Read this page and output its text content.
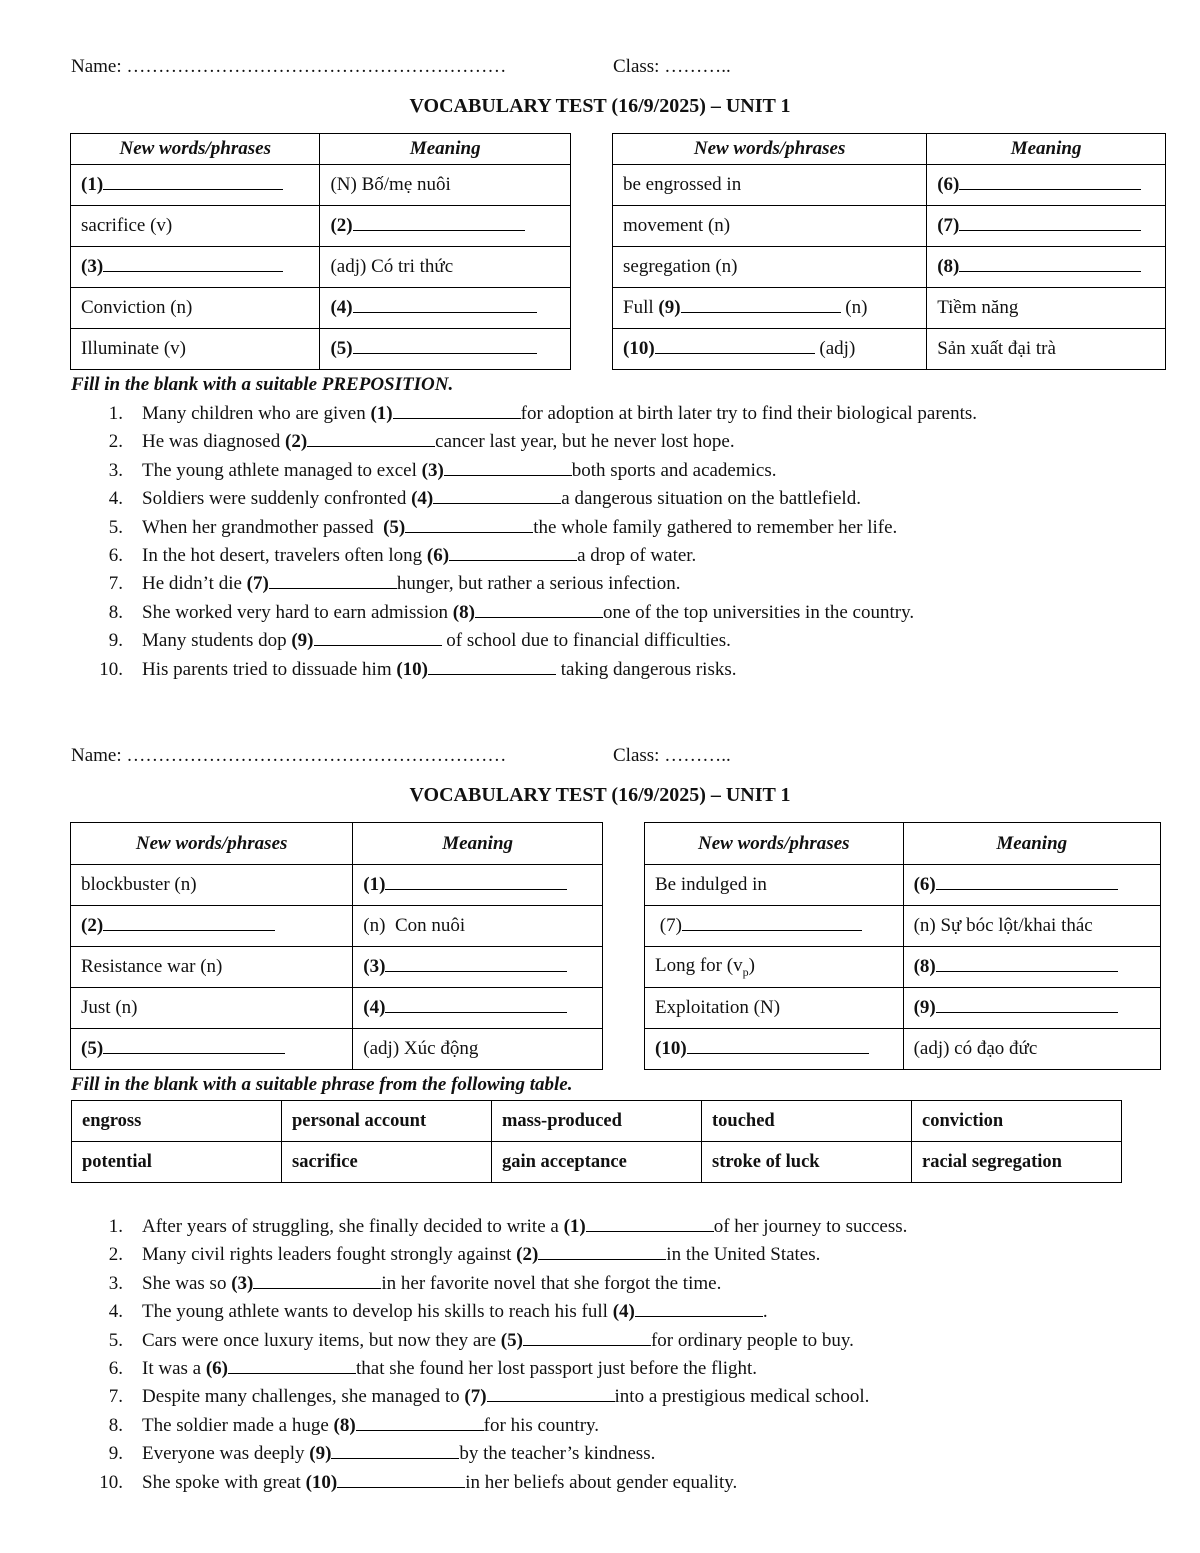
Name: ……………………………………………………	Class: ………..
VOCABULARY TEST (16/9/2025) – UNIT 1
New words/phrases	Meaning
(1)	(N) Bố/mẹ nuôi
sacrifice (v)	(2)
(3)	(adj) Có tri thức
Conviction (n)	(4)
Illuminate (v)	(5)
New words/phrases	Meaning
be engrossed in	(6)
movement (n)	(7)
segregation (n)	(8)
Full (9) (n)	Tiềm năng
(10) (adj)	Sản xuất đại trà
Fill in the blank with a suitable PREPOSITION.
1. Many children who are given (1)	for adoption at birth later try to find their biological parents.
2. He was diagnosed (2)	cancer last year, but he never lost hope.
3. The young athlete managed to excel (3)	both sports and academics.
4. Soldiers were suddenly confronted (4)	a dangerous situation on the battlefield.
5. When her grandmother passed  (5)	the whole family gathered to remember her life.
6. In the hot desert, travelers often long (6)	a drop of water.
7. He didn’t die (7)	hunger, but rather a serious infection.
8. She worked very hard to earn admission (8)	one of the top universities in the country.
9. Many students dop (9)	of school due to financial difficulties.
10. His parents tried to dissuade him (10)	taking dangerous risks.
Name: ……………………………………………………	Class: ………..
VOCABULARY TEST (16/9/2025) – UNIT 1
New words/phrases	Meaning
blockbuster (n)	(1)
(2)	(n)  Con nuôi
Resistance war (n)	(3)
Just (n)	(4)
(5)	(adj) Xúc động
New words/phrases	Meaning
Be indulged in	(6)
(7)	(n) Sự bóc lột/khai thác
Long for $(v_p)$	(8)
Exploitation (N)	(9)
(10)	(adj) có đạo đức
Fill in the blank with a suitable phrase from the following table.
engross	personal account	mass-produced	touched	conviction
potential	sacrifice	gain acceptance	stroke of luck	racial segregation
1. After years of struggling, she finally decided to write a (1)	of her journey to success.
2. Many civil rights leaders fought strongly against (2)	in the United States.
3. She was so (3)	in her favorite novel that she forgot the time.
4. The young athlete wants to develop his skills to reach his full (4)	.
5. Cars were once luxury items, but now they are (5)	for ordinary people to buy.
6. It was a (6)	that she found her lost passport just before the flight.
7. Despite many challenges, she managed to (7)	into a prestigious medical school.
8. The soldier made a huge (8)	for his country.
9. Everyone was deeply (9)	by the teacher’s kindness.
10. She spoke with great (10)	in her beliefs about gender equality.
